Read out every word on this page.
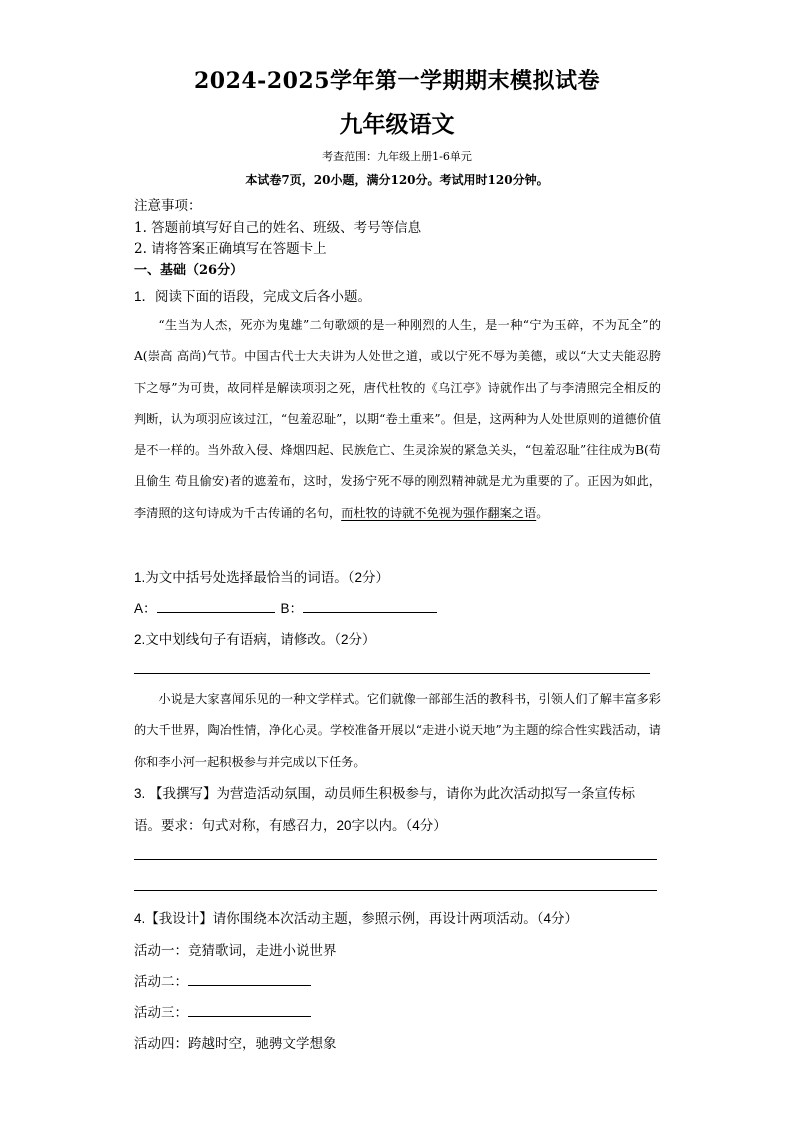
2024-2025学年第一学期期末模拟试卷
九年级语文
考查范围：九年级上册1-6单元
本试卷7页，20小题，满分120分。考试用时120分钟。
注意事项：
1. 答题前填写好自己的姓名、班级、考号等信息
2. 请将答案正确填写在答题卡上
一、基础（26分）
1．阅读下面的语段，完成文后各小题。

“生当为人杰，死亦为鬼雄”二句歌颂的是一种刚烈的人生，是一种“宁为玉碎，不为瓦全”的A(崇高 高尚)气节。中国古代士大夫讲为人处世之道，或以宁死不辱为美德，或以“大丈夫能忍胯下之辱”为可贵，故同样是解读项羽之死，唐代杜牧的《乌江亭》诗就作出了与李清照完全相反的判断，认为项羽应该过江，“包羞忍耻”，以期“卷土重来”。但是，这两种为人处世原则的道德价值是不一样的。当外敌入侵、烽烟四起、民族危亡、生灵涂炭的紧急关头，“包羞忍耻”往往成为B(苟且偷生 苟且偷安)者的遮羞布，这时，发扬宁死不辱的刚烈精神就是尤为重要的了。正因为如此，李清照的这句诗成为千古传诵的名句，而杜牧的诗就不免视为强作翻案之语。

1.为文中括号处选择最恰当的词语。（2分）
A：	B：
2.文中划线句子有语病，请修改。（2分）

小说是大家喜闻乐见的一种文学样式。它们就像一部部生活的教科书，引领人们了解丰富多彩的大千世界，陶冶性情，净化心灵。学校准备开展以“走进小说天地”为主题的综合性实践活动，请你和李小河一起积极参与并完成以下任务。

3. 【我撰写】为营造活动氛围，动员师生积极参与，请你为此次活动拟写一条宣传标
语。要求：句式对称，有感召力，20字以内。（4分）
4.【我设计】请你围绕本次活动主题，参照示例，再设计两项活动。（4分）
活动一：竞猜歌词，走进小说世界
活动二：
活动三：
活动四：跨越时空，驰骋文学想象
